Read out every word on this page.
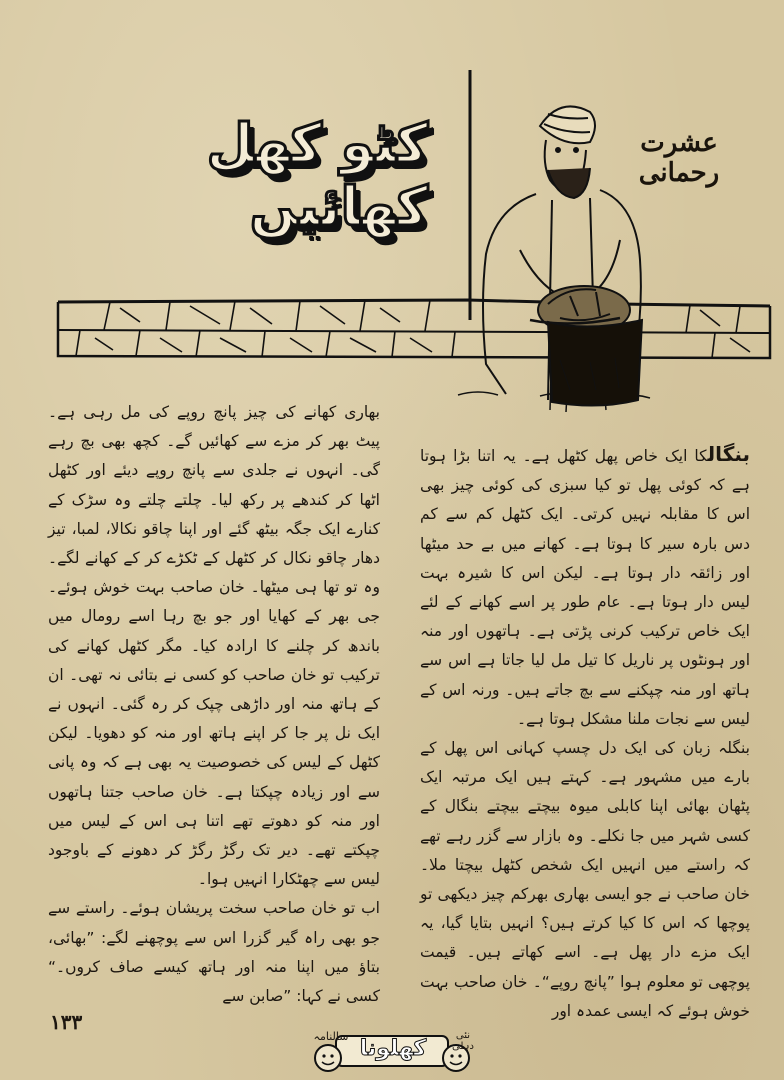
کٹو کھل کھائیں
عشرت رحمانی

بنگالکا ایک خاص پھل کٹھل ہے۔ یہ اتنا بڑا ہوتا ہے کہ کوئی پھل تو کیا سبزی کی کوئی چیز بھی اس کا مقابلہ نہیں کرتی۔ ایک کٹھل کم سے کم دس بارہ سیر کا ہوتا ہے۔ کھانے میں بے حد میٹھا اور زائقہ دار ہوتا ہے۔ لیکن اس کا شیرہ بہت لیس دار ہوتا ہے۔ عام طور پر اسے کھانے کے لئے ایک خاص ترکیب کرنی پڑتی ہے۔ ہاتھوں اور منہ اور ہونٹوں پر ناریل کا تیل مل لیا جاتا ہے اس سے ہاتھ اور منہ چپکنے سے بچ جاتے ہیں۔ ورنہ اس کے لیس سے نجات ملنا مشکل ہوتا ہے۔

بنگلہ زبان کی ایک دل چسپ کہانی اس پھل کے بارے میں مشہور ہے۔ کہتے ہیں ایک مرتبہ ایک پٹھان بھائی اپنا کابلی میوہ بیچتے بیچتے بنگال کے کسی شہر میں جا نکلے۔ وہ بازار سے گزر رہے تھے کہ راستے میں انہیں ایک شخص کٹھل بیچتا ملا۔ خان صاحب نے جو ایسی بھاری بھرکم چیز دیکھی تو پوچھا کہ اس کا کیا کرتے ہیں؟ انہیں بتایا گیا، یہ ایک مزے دار پھل ہے۔ اسے کھاتے ہیں۔ قیمت پوچھی تو معلوم ہوا ”پانچ روپے“۔ خان صاحب بہت خوش ہوئے کہ ایسی عمدہ اور

بھاری کھانے کی چیز پانچ روپے کی مل رہی ہے۔ پیٹ بھر کر مزے سے کھائیں گے۔ کچھ بھی بچ رہے گی۔ انہوں نے جلدی سے پانچ روپے دیئے اور کٹھل اٹھا کر کندھے پر رکھ لیا۔ چلتے چلتے وہ سڑک کے کنارے ایک جگہ بیٹھ گئے اور اپنا چاقو نکالا، لمبا، تیز دھار چاقو نکال کر کٹھل کے ٹکڑے کر کے کھانے لگے۔ وہ تو تھا ہی میٹھا۔ خان صاحب بہت خوش ہوئے۔ جی بھر کے کھایا اور جو بچ رہا اسے رومال میں باندھ کر چلنے کا ارادہ کیا۔ مگر کٹھل کھانے کی ترکیب تو خان صاحب کو کسی نے بتائی نہ تھی۔ ان کے ہاتھ منہ اور داڑھی چپک کر رہ گئی۔ انہوں نے ایک نل پر جا کر اپنے ہاتھ اور منہ کو دھویا۔ لیکن کٹھل کے لیس کی خصوصیت یہ بھی ہے کہ وہ پانی سے اور زیادہ چپکتا ہے۔ خان صاحب جتنا ہاتھوں اور منہ کو دھوتے تھے اتنا ہی اس کے لیس میں چپکتے تھے۔ دیر تک رگڑ رگڑ کر دھونے کے باوجود لیس سے چھٹکارا انہیں ہوا۔

اب تو خان صاحب سخت پریشان ہوئے۔ راستے سے جو بھی راہ گیر گزرا اس سے پوچھنے لگے: ”بھائی، بتاؤ میں اپنا منہ اور ہاتھ کیسے صاف کروں۔“ کسی نے کہا: ”صابن سے

۱۳۳
سالنامہ کھلونا
نئی دہلی
